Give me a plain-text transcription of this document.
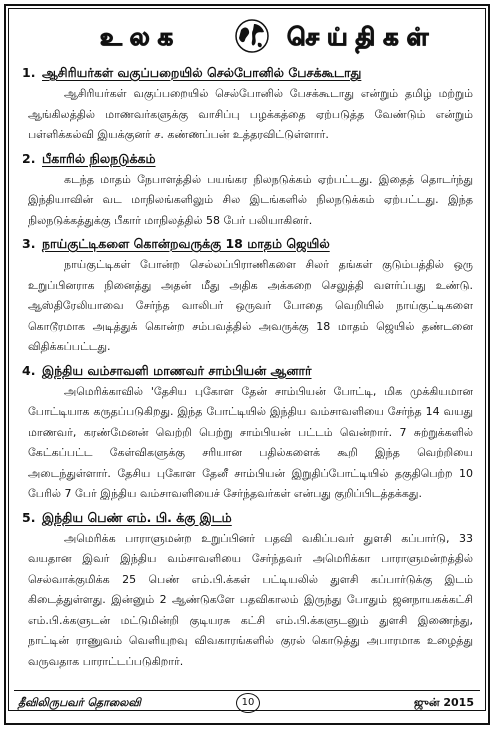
உலக	செய்திகள்
1. ஆசிரியர்கள் வகுப்பறையில் செல்போனில் பேசக்கூடாது
ஆசிரியர்கள் வகுப்பறையில் செல்போனில் பேசக்கூடாது என்றும் தமிழ் மற்றும் ஆங்கிலத்தில் மாணவர்களுக்கு வாசிப்பு பழக்கத்தை ஏற்படுத்த வேண்டும் என்றும் பள்ளிக்கல்வி இயக்குனர் ச. கண்ணப்பன் உத்தரவிட்டுள்ளார்.
2. பீகாரில் நிலநடுக்கம்
கடந்த மாதம் நேபாளத்தில் பயங்கர நிலநடுக்கம் ஏற்பட்டது. இதைத் தொடர்ந்து இந்தியாவின் வட மாநிலங்களிலும் சில இடங்களில் நிலநடுக்கம் ஏற்பட்டது. இந்த நிலநடுக்கத்துக்கு பீகார் மாநிலத்தில் 58 பேர் பலியாகினர்.
3. நாய்குட்டிகளை கொன்றவருக்கு 18 மாதம் ஜெயில்
நாய்குட்டிகள் போன்ற செல்லப்பிராணிகளை சிலர் தங்கள் குடும்பத்தில் ஒரு உறுப்பினராக நினைத்து அதன் மீது அதிக அக்கறை செலுத்தி வளர்ப்பது உண்டு. ஆஸ்திரேலியாவை சேர்ந்த வாலிபர் ஒருவர் போதை வெறியில் நாய்குட்டிகளை கொடூரமாக அடித்துக் கொன்ற சம்பவத்தில் அவருக்கு 18 மாதம் ஜெயில் தண்டனை விதிக்கப்பட்டது.
4. இந்திய வம்சாவளி மாணவர் சாம்பியன் ஆனார்
அமெரிக்காவில் 'தேசிய புகோள தேன் சாம்பியன் போட்டி, மிக முக்கியமான போட்டியாக கருதப்படுகிறது. இந்த போட்டியில் இந்திய வம்சாவளியை சேர்ந்த 14 வயது மாணவர், கரண்மேனன் வெற்றி பெற்று சாம்பியன் பட்டம் வென்றார். 7 சுற்றுக்களில் கேட்கப்பட்ட கேள்விகளுக்கு சரியான பதில்களைக் கூறி இந்த வெற்றியை அடைந்துள்ளார். தேசிய புகோள தேனீ சாம்பியன் இறுதிப்போட்டியில் தகுதிபெற்ற 10 பேரில் 7 பேர் இந்திய வம்சாவளியைச் சேர்ந்தவர்கள் என்பது குறிப்பிடத்தக்கது.
5. இந்திய பெண் எம். பி. க்கு இடம்
அமெரிக்க பாராளுமன்ற உறுப்பினர் பதவி வகிப்பவர் துளசி கப்பார்டு, 33 வயதான இவர் இந்திய வம்சாவளியை சேர்ந்தவர் அமெரிக்கா பாராளுமன்றத்தில் செல்வாக்குமிக்க 25 பெண் எம்.பி.க்கள் பட்டியலில் துளசி கப்பார்டுக்கு இடம் கிடைத்துள்ளது. இன்னும் 2 ஆண்டுகளே பதவிகாலம் இருந்து போதும் ஜனநாயகக்கட்சி எம்.பி.க்களுடன் மட்டுமின்றி குடியரசு கட்சி எம்.பி.க்களுடனும் துளசி இணைந்து, நாட்டின் ராணுவம் வெளியுறவு விவகாரங்களில் குரல் கொடுத்து அபாரமாக உழைத்து வருவதாக பாராட்டப்படுகிறார்.
தீவிலிருபவர் தொலைவி	10	ஜுன் 2015
